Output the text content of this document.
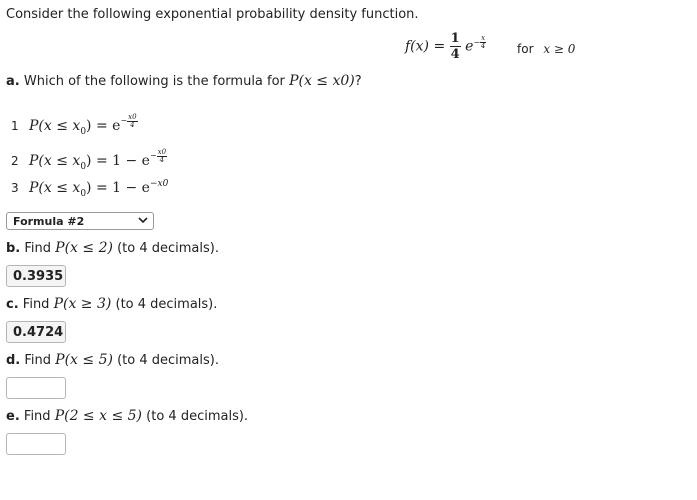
Consider the following exponential probability density function.
$f(x) = \frac{1}{4} e^{- \frac{x}{4}}$	for x ≥ 0
a. Which of the following is the formula for P(x ≤ x0)?
1 $P(x \le x_0) = e^{- \frac{x0}{4}}$
2 $P(x \le x_0) = 1 - e^{- \frac{x0}{4}}$
3 $P(x \le x_0) = 1 - e^{-x0}$
Formula #2
b. Find P(x ≤ 2) (to 4 decimals).
0.3935
c. Find P(x ≥ 3) (to 4 decimals).
0.4724
d. Find P(x ≤ 5) (to 4 decimals).
e. Find P(2 ≤ x ≤ 5) (to 4 decimals).
